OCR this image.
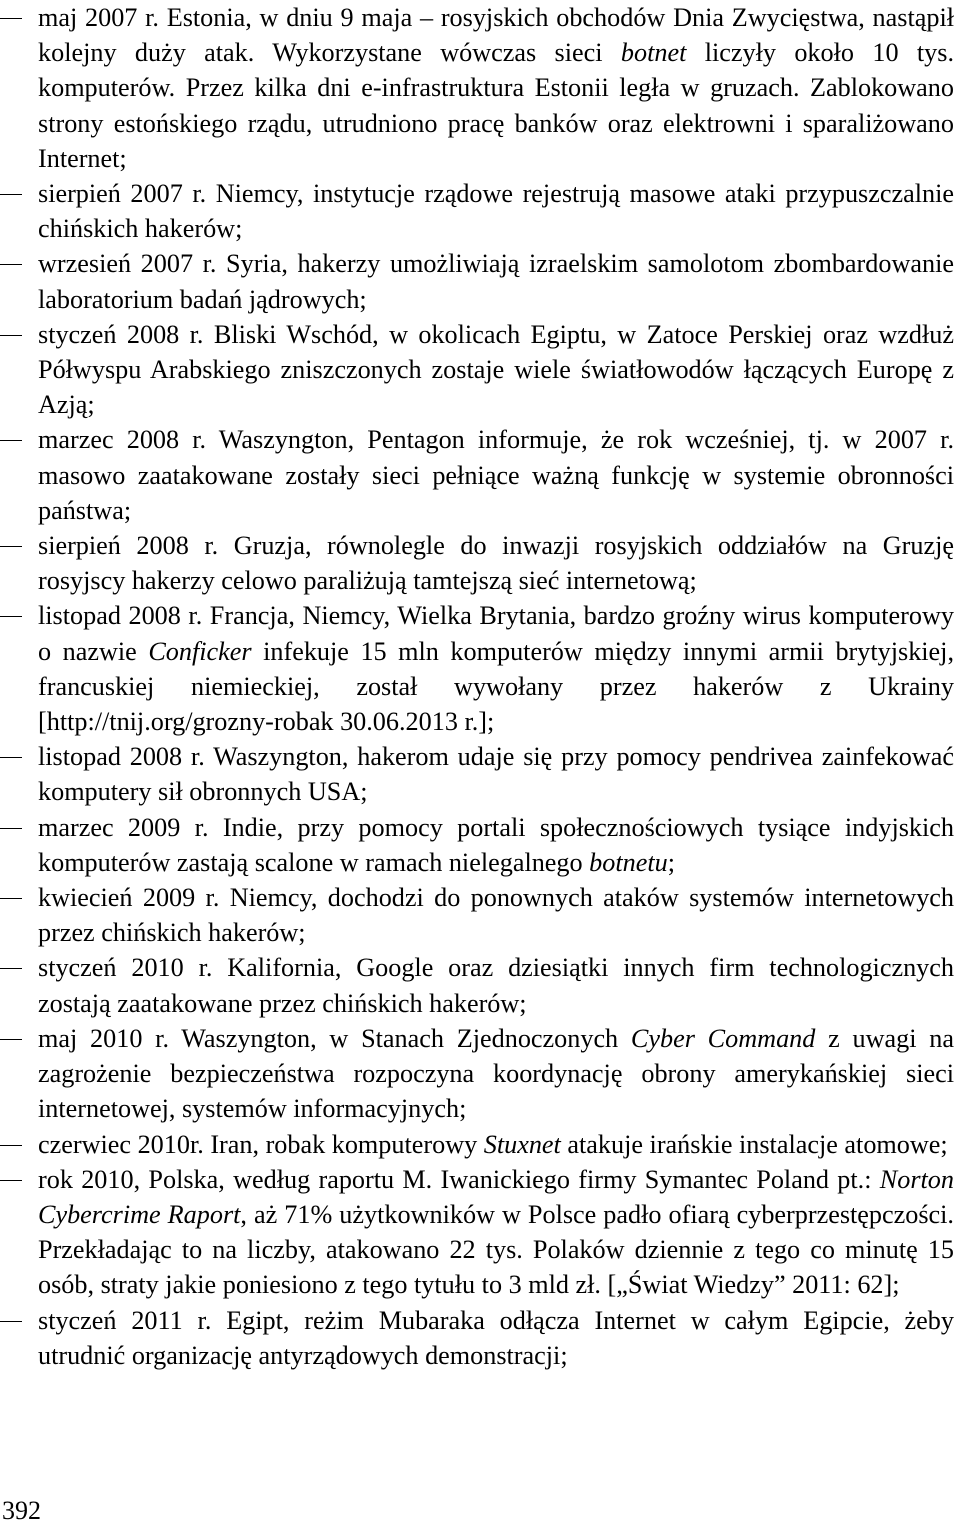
maj 2007 r. Estonia, w dniu 9 maja – rosyjskich obchodów Dnia Zwycięstwa, nastąpił kolejny duży atak. Wykorzystane wówczas sieci botnet liczyły około 10 tys. komputerów. Przez kilka dni e-infrastruktura Estonii legła w gruzach. Zablokowano strony estońskiego rządu, utrudniono pracę banków oraz elektrowni i sparaliżowano Internet;
sierpień 2007 r. Niemcy, instytucje rządowe rejestrują masowe ataki przypuszczalnie chińskich hakerów;
wrzesień 2007 r. Syria, hakerzy umożliwiają izraelskim samolotom zbombardowanie laboratorium badań jądrowych;
styczeń 2008 r. Bliski Wschód, w okolicach Egiptu, w Zatoce Perskiej oraz wzdłuż Półwyspu Arabskiego zniszczonych zostaje wiele światłowodów łączących Europę z Azją;
marzec 2008 r. Waszyngton, Pentagon informuje, że rok wcześniej, tj. w 2007 r. masowo zaatakowane zostały sieci pełniące ważną funkcję w systemie obronności państwa;
sierpień 2008 r. Gruzja, równolegle do inwazji rosyjskich oddziałów na Gruzję rosyjscy hakerzy celowo paraliżują tamtejszą sieć internetową;
listopad 2008 r. Francja, Niemcy, Wielka Brytania, bardzo groźny wirus komputerowy o nazwie Conficker infekuje 15 mln komputerów między innymi armii brytyjskiej, francuskiej niemieckiej, został wywołany przez hakerów z Ukrainy [http://tnij.org/grozny-robak 30.06.2013 r.];
listopad 2008 r. Waszyngton, hakerom udaje się przy pomocy pendrivea zainfekować komputery sił obronnych USA;
marzec 2009 r. Indie, przy pomocy portali społecznościowych tysiące indyjskich komputerów zastają scalone w ramach nielegalnego botnetu;
kwiecień 2009 r. Niemcy, dochodzi do ponownych ataków systemów internetowych przez chińskich hakerów;
styczeń 2010 r. Kalifornia, Google oraz dziesiątki innych firm technologicznych zostają zaatakowane przez chińskich hakerów;
maj 2010 r. Waszyngton, w Stanach Zjednoczonych Cyber Command z uwagi na zagrożenie bezpieczeństwa rozpoczyna koordynację obrony amerykańskiej sieci internetowej, systemów informacyjnych;
czerwiec 2010r. Iran, robak komputerowy Stuxnet atakuje irańskie instalacje atomowe;
rok 2010, Polska, według raportu M. Iwanickiego firmy Symantec Poland pt.: Norton Cybercrime Raport, aż 71% użytkowników w Polsce padło ofiarą cyberprzestępczości. Przekładając to na liczby, atakowano 22 tys. Polaków dziennie z tego co minutę 15 osób, straty jakie poniesiono z tego tytułu to 3 mld zł. [„Świat Wiedzy” 2011: 62];
styczeń 2011 r. Egipt, reżim Mubaraka odłącza Internet w całym Egipcie, żeby utrudnić organizację antyrządowych demonstracji;
392
